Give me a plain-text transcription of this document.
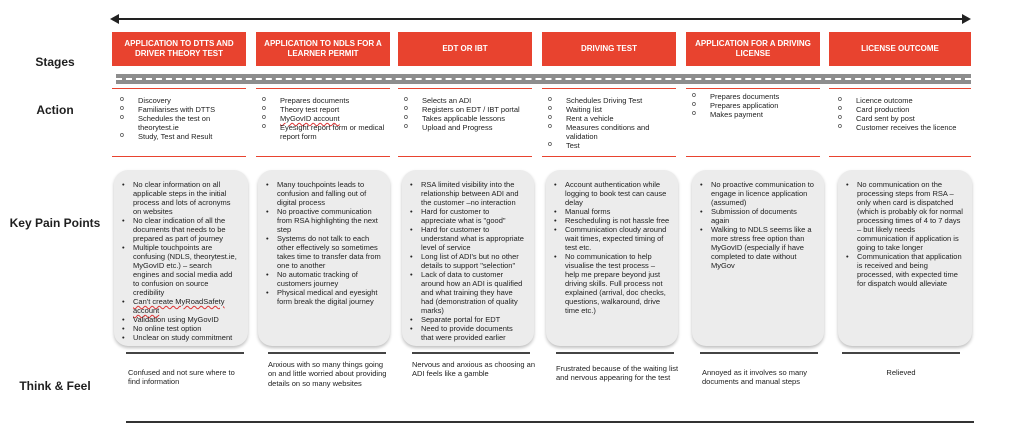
Stages
Action
Key Pain Points
Think & Feel
APPLICATION TO DTTS AND DRIVER THEORY TEST
APPLICATION TO NDLS FOR A LEARNER PERMIT
EDT OR IBT	DRIVING TEST
APPLICATION FOR A DRIVING LICENSE
LICENSE OUTCOME
o Discovery
o Familiarises with DTTS
o Schedules the test on theorytest.ie
o Study, Test and Result
o Prepares documents
o Theory test report
o MyGovID account
o Eyesight report form or medical report form
o Selects an ADI
o Registers on EDT / IBT portal
o Takes applicable lessons
o Upload and Progress
o Schedules Driving Test
o Waiting list
o Rent a vehicle
o Measures conditions and validation
o Test
o Prepares documents
o Prepares application
o Makes payment
o Licence outcome
o Card production
o Card sent by post
o Customer receives the licence
• No clear information on all applicable steps in the initial process and lots of acronyms on websites
• No clear indication of all the documents that needs to be prepared as part of journey
• Multiple touchpoints are confusing (NDLS, theorytest.ie, MyGovID etc.) – search engines and social media add to confusion on source credibility
• Can't create MyRoadSafety account
• Validation using MyGovID
• No online test option
• Unclear on study commitment
• Many touchpoints leads to confusion and falling out of digital process
• No proactive communication from RSA highlighting the next step
• Systems do not talk to each other effectively so sometimes takes time to transfer data from one to another
• No automatic tracking of customers journey
• Physical medical and eyesight form break the digital journey
• RSA limited visibility into the relationship between ADI and the customer –no interaction
• Hard for customer to appreciate what is "good"
• Hard for customer to understand what is appropriate level of service
• Long list of ADI's but no other details to support "selection"
• Lack of data to customer around how an ADI is qualified and what training they have had (demonstration of quality marks)
• Separate portal for EDT
• Need to provide documents that were provided earlier
• Account authentication while logging to book test can cause delay
• Manual forms
• Rescheduling is not hassle free
• Communication cloudy around wait times, expected timing of test etc.
• No communication to help visualise the test process – help me prepare beyond just driving skills. Full process not explained (arrival, doc checks, questions, walkaround, drive time etc.)
• No proactive communication to engage in licence application (assumed)
• Submission of documents again
• Walking to NDLS seems like a more stress free option than MyGovID (especially if have completed to date without MyGov
• No communication on the processing steps from RSA – only when card is dispatched (which is probably ok for normal processing times of 4 to 7 days – but likely needs communication if application is going to take longer
• Communication that application is received and being processed, with expected time for dispatch would alleviate
Confused and not sure where to find information
Anxious with so many things going on and little worried about providing details on so many websites
Nervous and anxious as choosing an ADI feels like a gamble
Frustrated because of the waiting list and nervous appearing for the test
Annoyed as it involves so many documents and manual steps
Relieved
